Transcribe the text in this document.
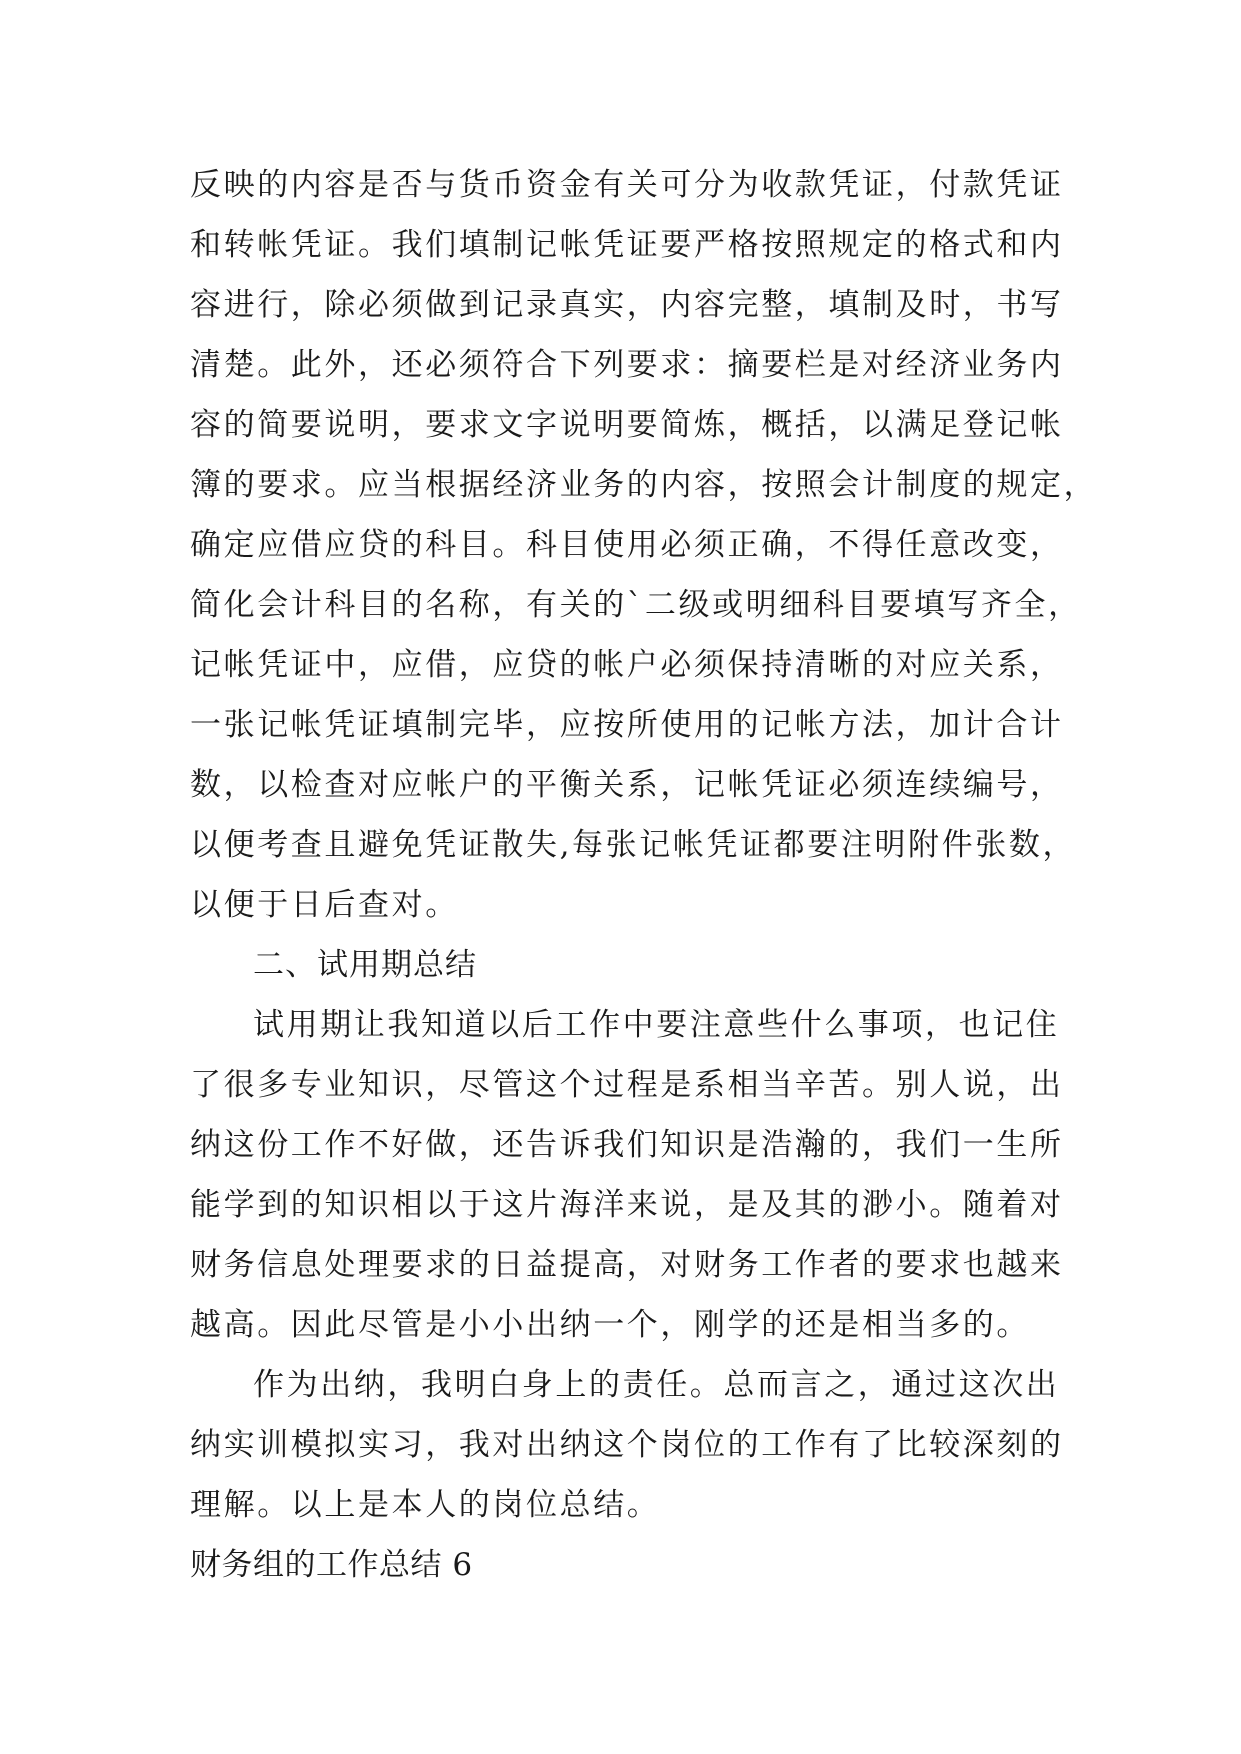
反映的内容是否与货币资金有关可分为收款凭证，付款凭证
和转帐凭证。我们填制记帐凭证要严格按照规定的格式和内
容进行，除必须做到记录真实，内容完整，填制及时，书写
清楚。此外，还必须符合下列要求：摘要栏是对经济业务内
容的简要说明，要求文字说明要简炼，概括，以满足登记帐
簿的要求。应当根据经济业务的内容，按照会计制度的规定，
确定应借应贷的科目。科目使用必须正确，不得任意改变，
简化会计科目的名称，有关的`二级或明细科目要填写齐全，
记帐凭证中，应借，应贷的帐户必须保持清晰的对应关系，
一张记帐凭证填制完毕，应按所使用的记帐方法，加计合计
数，以检查对应帐户的平衡关系，记帐凭证必须连续编号，
以便考查且避免凭证散失,每张记帐凭证都要注明附件张数，
以便于日后查对。
二、试用期总结
试用期让我知道以后工作中要注意些什么事项，也记住
了很多专业知识，尽管这个过程是系相当辛苦。别人说，出
纳这份工作不好做，还告诉我们知识是浩瀚的，我们一生所
能学到的知识相以于这片海洋来说，是及其的渺小。随着对
财务信息处理要求的日益提高，对财务工作者的要求也越来
越高。因此尽管是小小出纳一个，刚学的还是相当多的。
作为出纳，我明白身上的责任。总而言之，通过这次出
纳实训模拟实习，我对出纳这个岗位的工作有了比较深刻的
理解。以上是本人的岗位总结。
财务组的工作总结 6
